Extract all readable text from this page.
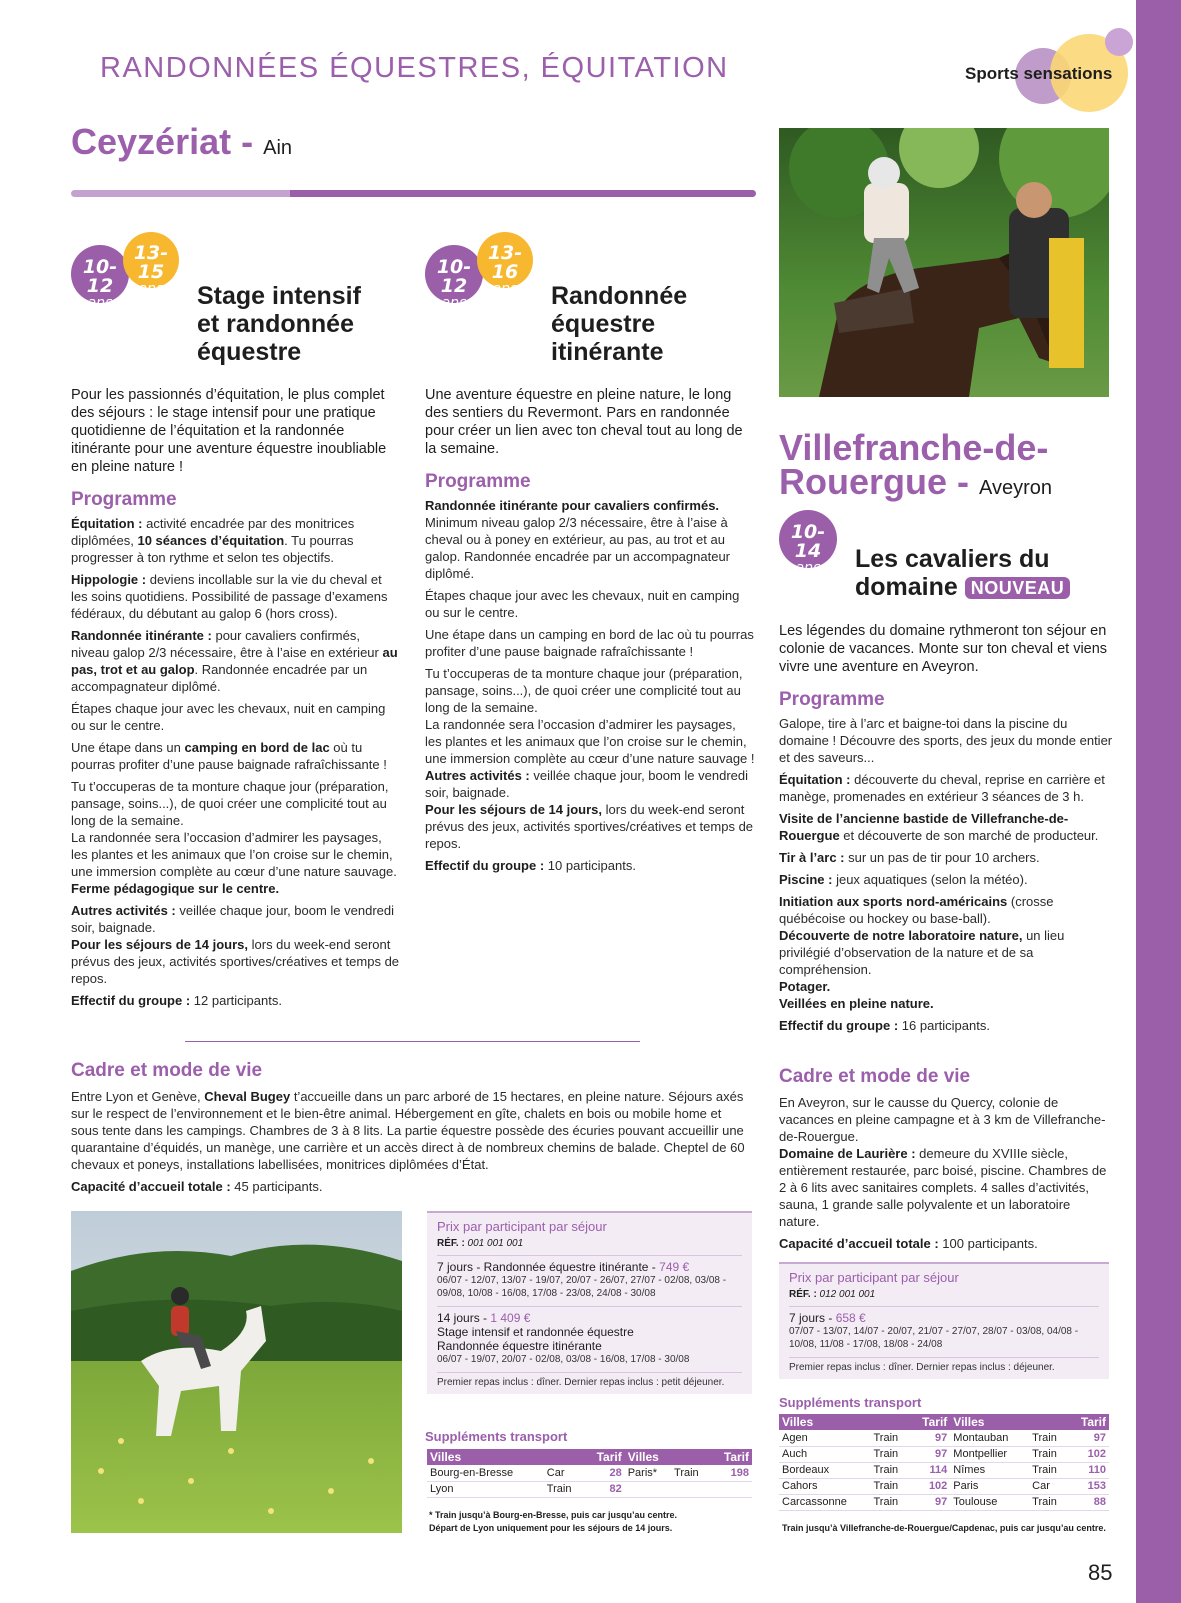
RANDONNÉES ÉQUESTRES, ÉQUITATION	Sports sensations
Ceyzériat - Ain
10-12
ans
13-15
ans	Stage intensif
et randonnée
équestre
Pour les passionnés d’équitation, le plus complet des séjours : le stage intensif pour une pratique quotidienne de l’équitation et la randonnée itinérante pour une aventure équestre inoubliable en pleine nature !
Programme

Équitation : activité encadrée par des monitrices diplômées, 10 séances d’équitation. Tu pourras progresser à ton rythme et selon tes objectifs.

Hippologie : deviens incollable sur la vie du cheval et les soins quotidiens. Possibilité de passage d’examens fédéraux, du débutant au galop 6 (hors cross).

Randonnée itinérante : pour cavaliers confirmés, niveau galop 2/3 nécessaire, être à l’aise en extérieur au pas, trot et au galop. Randonnée encadrée par un accompagnateur diplômé.

Étapes chaque jour avec les chevaux, nuit en camping ou sur le centre.

Une étape dans un camping en bord de lac où tu pourras profiter d’une pause baignade rafraîchissante !

Tu t’occuperas de ta monture chaque jour (préparation, pansage, soins...), de quoi créer une complicité tout au long de la semaine.

La randonnée sera l’occasion d’admirer les paysages, les plantes et les animaux que l’on croise sur le chemin, une immersion complète au cœur d’une nature sauvage.

Ferme pédagogique sur le centre.

Autres activités : veillée chaque jour, boom le vendredi soir, baignade.

Pour les séjours de 14 jours, lors du week-end seront prévus des jeux, activités sportives/créatives et temps de repos.

Effectif du groupe : 12 participants.

10-12
ans
13-16
ans	Randonnée
équestre
itinérante
Une aventure équestre en pleine nature, le long des sentiers du Revermont. Pars en randonnée pour créer un lien avec ton cheval tout au long de la semaine.
Programme

Randonnée itinérante pour cavaliers confirmés.

Minimum niveau galop 2/3 nécessaire, être à l’aise à cheval ou à poney en extérieur, au pas, au trot et au galop. Randonnée encadrée par un accompagnateur diplômé.

Étapes chaque jour avec les chevaux, nuit en camping ou sur le centre.

Une étape dans un camping en bord de lac où tu pourras profiter d’une pause baignade rafraîchissante !

Tu t’occuperas de ta monture chaque jour (préparation, pansage, soins...), de quoi créer une complicité tout au long de la semaine.

La randonnée sera l’occasion d’admirer les paysages, les plantes et les animaux que l’on croise sur le chemin, une immersion complète au cœur d’une nature sauvage !

Autres activités : veillée chaque jour, boom le vendredi soir, baignade.

Pour les séjours de 14 jours, lors du week-end seront prévus des jeux, activités sportives/créatives et temps de repos.

Effectif du groupe : 10 participants.

Villefranche-de-
Rouergue - Aveyron
10-14
ans	Les cavaliers du
domaine NOUVEAU
Les légendes du domaine rythmeront ton séjour en colonie de vacances. Monte sur ton cheval et viens vivre une aventure en Aveyron.
Programme

Galope, tire à l’arc et baigne-toi dans la piscine du domaine ! Découvre des sports, des jeux du monde entier et des saveurs...

Équitation : découverte du cheval, reprise en carrière et manège, promenades en extérieur 3 séances de 3 h.

Visite de l’ancienne bastide de Villefranche-de-Rouergue et découverte de son marché de producteur.

Tir à l’arc : sur un pas de tir pour 10 archers.

Piscine : jeux aquatiques (selon la météo).

Initiation aux sports nord-américains (crosse québécoise ou hockey ou base-ball).

Découverte de notre laboratoire nature, un lieu privilégié d’observation de la nature et de sa compréhension.

Potager.

Veillées en pleine nature.

Effectif du groupe : 16 participants.

Cadre et mode de vie

En Aveyron, sur le causse du Quercy, colonie de vacances en pleine campagne et à 3 km de Villefranche-de-Rouergue.

Domaine de Laurière : demeure du XVIIIe siècle, entièrement restaurée, parc boisé, piscine. Chambres de 2 à 6 lits avec sanitaires complets. 4 salles d’activités, sauna, 1 grande salle polyvalente et un laboratoire nature.

Capacité d’accueil totale : 100 participants.

Prix par participant par séjour
RÉF. : 012 001 001
7 jours - 658 €
07/07 - 13/07, 14/07 - 20/07, 21/07 - 27/07, 28/07 - 03/08, 04/08 - 10/08, 11/08 - 17/08, 18/08 - 24/08
Premier repas inclus : dîner. Dernier repas inclus : déjeuner.
Suppléments transport
Villes		Tarif	Villes		Tarif
Agen	Train	97	Montauban	Train	97
Auch	Train	97	Montpellier	Train	102
Bordeaux	Train	114	Nîmes	Train	110
Cahors	Train	102	Paris	Car	153
Carcassonne	Train	97	Toulouse	Train	88
Train jusqu’à Villefranche-de-Rouergue/Capdenac, puis car jusqu’au centre.
Cadre et mode de vie

Entre Lyon et Genève, Cheval Bugey t’accueille dans un parc arboré de 15 hectares, en pleine nature. Séjours axés sur le respect de l’environnement et le bien-être animal. Hébergement en gîte, chalets en bois ou mobile home et sous tente dans les campings. Chambres de 3 à 8 lits. La partie équestre possède des écuries pouvant accueillir une quarantaine d’équidés, un manège, une carrière et un accès direct à de nombreux chemins de balade. Cheptel de 60 chevaux et poneys, installations labellisées, monitrices diplômées d’État.

Capacité d’accueil totale : 45 participants.

Prix par participant par séjour
RÉF. : 001 001 001
7 jours - Randonnée équestre itinérante - 749 €
06/07 - 12/07, 13/07 - 19/07, 20/07 - 26/07, 27/07 - 02/08, 03/08 - 09/08, 10/08 - 16/08, 17/08 - 23/08, 24/08 - 30/08
14 jours - 1 409 €
Stage intensif et randonnée équestre
Randonnée équestre itinérante
06/07 - 19/07, 20/07 - 02/08, 03/08 - 16/08, 17/08 - 30/08
Premier repas inclus : dîner. Dernier repas inclus : petit déjeuner.
Suppléments transport
Villes		Tarif	Villes		Tarif
Bourg-en-Bresse	Car	28	Paris*	Train	198
Lyon	Train	82			
* Train jusqu’à Bourg-en-Bresse, puis car jusqu’au centre.
Départ de Lyon uniquement pour les séjours de 14 jours.
85
